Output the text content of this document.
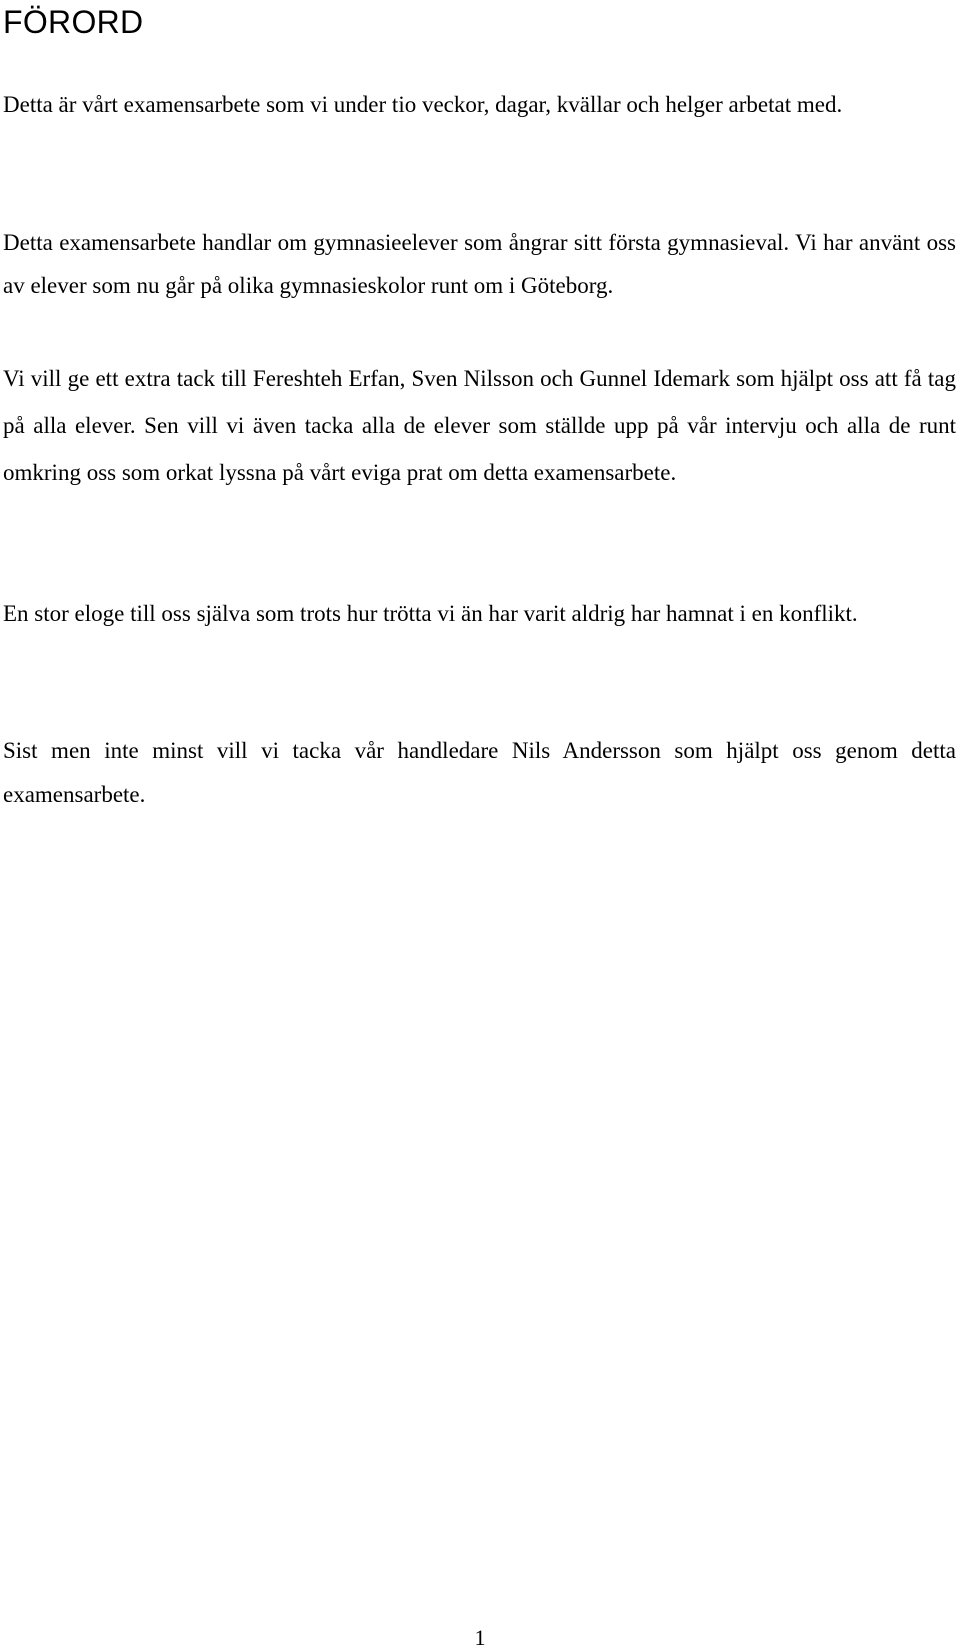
FÖRORD

Detta är vårt examensarbete som vi under tio veckor, dagar, kvällar och helger arbetat med.

Detta examensarbete handlar om gymnasieelever som ångrar sitt första gymnasieval. Vi har använt oss av elever som nu går på olika gymnasieskolor runt om i Göteborg.

Vi vill ge ett extra tack till Fereshteh Erfan, Sven Nilsson och Gunnel Idemark som hjälpt oss att få tag på alla elever. Sen vill vi även tacka alla de elever som ställde upp på vår intervju och alla de runt omkring oss som orkat lyssna på vårt eviga prat om detta examensarbete.

En stor eloge till oss själva som trots hur trötta vi än har varit aldrig har hamnat i en konflikt.

Sist men inte minst vill vi tacka vår handledare Nils Andersson som hjälpt oss genom detta examensarbete.

1
